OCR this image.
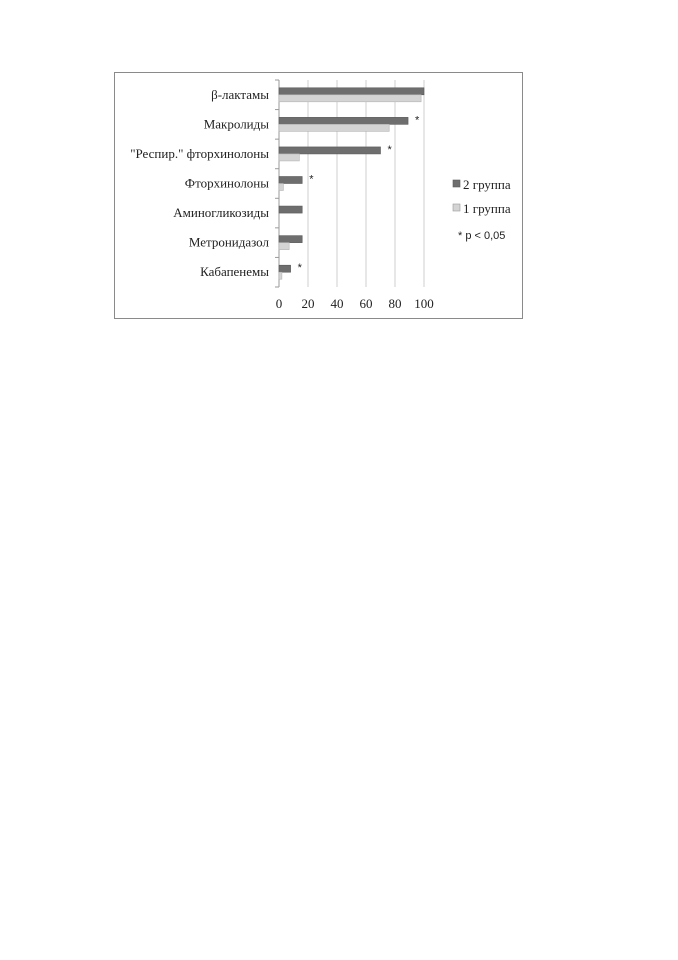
*
*
*
*
β-лактамы
Макролиды
"Респир." фторхинолоны
Фторхинолоны
Аминогликозиды
Метронидазол
Кабапенемы
0 20 40 60 80 100
2 группа
1 группа
* p < 0,05
